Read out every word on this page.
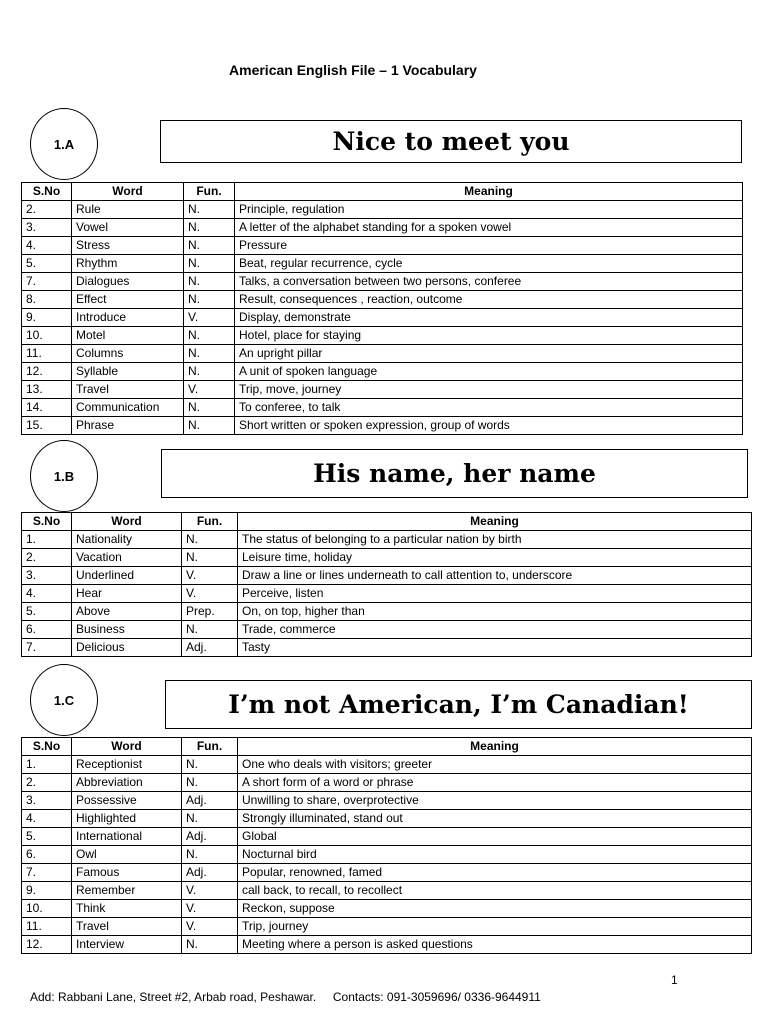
American English File – 1 Vocabulary
1.A	Nice to meet you
S.No	Word	Fun.	Meaning
2.	Rule	N.	Principle, regulation
3.	Vowel	N.	A letter of the alphabet standing for a spoken vowel
4.	Stress	N.	Pressure
5.	Rhythm	N.	Beat, regular recurrence, cycle
7.	Dialogues	N.	Talks, a conversation between two persons, conferee
8.	Effect	N.	Result, consequences , reaction, outcome
9.	Introduce	V.	Display, demonstrate
10.	Motel	N.	Hotel, place for staying
11.	Columns	N.	An upright pillar
12.	Syllable	N.	A unit of spoken language
13.	Travel	V.	Trip, move, journey
14.	Communication	N.	To conferee, to talk
15.	Phrase	N.	Short written or spoken expression, group of words
1.B	His name, her name
S.No	Word	Fun.	Meaning
1.	Nationality	N.	The status of belonging to a particular nation by birth
2.	Vacation	N.	Leisure time, holiday
3.	Underlined	V.	Draw a line or lines underneath to call attention to, underscore
4.	Hear	V.	Perceive, listen
5.	Above	Prep.	On, on top, higher than
6.	Business	N.	Trade, commerce
7.	Delicious	Adj.	Tasty
1.C	I’m not American, I’m Canadian!
S.No	Word	Fun.	Meaning
1.	Receptionist	N.	One who deals with visitors; greeter
2.	Abbreviation	N.	A short form of a word or phrase
3.	Possessive	Adj.	Unwilling to share, overprotective
4.	Highlighted	N.	Strongly illuminated, stand out
5.	International	Adj.	Global
6.	Owl	N.	Nocturnal bird
7.	Famous	Adj.	Popular, renowned, famed
9.	Remember	V.	call back, to recall, to recollect
10.	Think	V.	Reckon, suppose
11.	Travel	V.	Trip, journey
12.	Interview	N.	Meeting where a person is asked questions
1
Add: Rabbani Lane, Street #2, Arbab road, Peshawar.     Contacts: 091-3059696/ 0336-9644911
